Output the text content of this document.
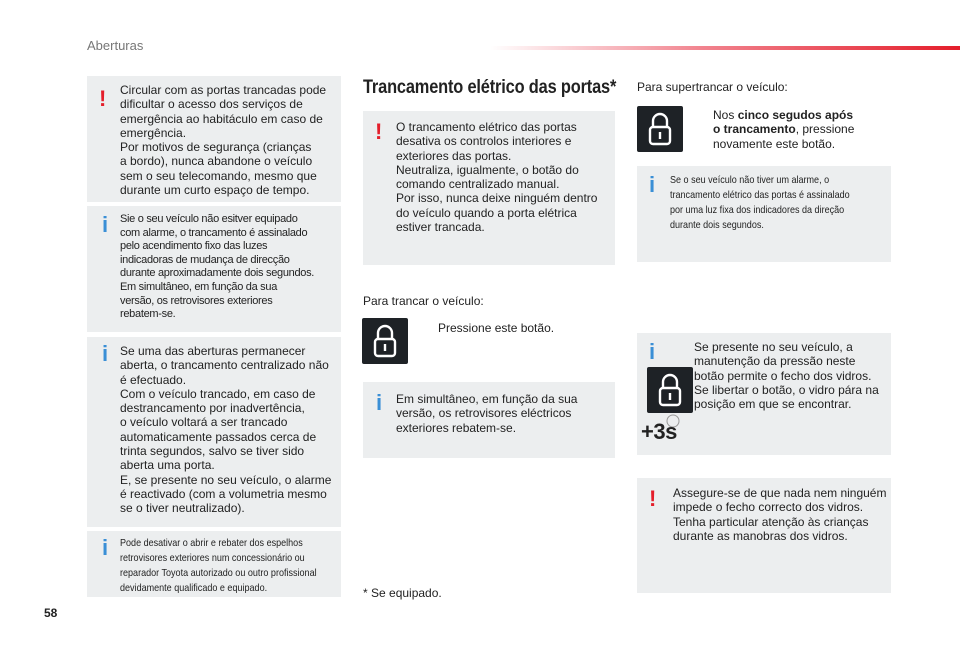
Aberturas
58
! Circular com as portas trancadas pode
dificultar o acesso dos serviços de
emergência ao habitáculo em caso de
emergência.
Por motivos de segurança (crianças
a bordo), nunca abandone o veículo
sem o seu telecomando, mesmo que
durante um curto espaço de tempo.
i Sie o seu veículo não esitver equipado
com alarme, o trancamento é assinalado
pelo acendimento fixo das luzes
indicadoras de mudança de direcção
durante aproximadamente dois segundos.
Em simultâneo, em função da sua
versão, os retrovisores exteriores
rebatem-se.
i Se uma das aberturas permanecer
aberta, o trancamento centralizado não
é efectuado.
Com o veículo trancado, em caso de
destrancamento por inadvertência,
o veículo voltará a ser trancado
automaticamente passados cerca de
trinta segundos, salvo se tiver sido
aberta uma porta.
E, se presente no seu veículo, o alarme
é reactivado (com a volumetria mesmo
se o tiver neutralizado).
i Pode desativar o abrir e rebater dos espelhos
retrovisores exteriores num concessionário ou
reparador Toyota autorizado ou outro profissional
devidamente qualificado e equipado.
Trancamento elétrico das portas*
! O trancamento elétrico das portas
desativa os controlos interiores e
exteriores das portas.
Neutraliza, igualmente, o botão do
comando centralizado manual.
Por isso, nunca deixe ninguém dentro
do veículo quando a porta elétrica
estiver trancada.
Para trancar o veículo:
Pressione este botão.
i Em simultâneo, em função da sua
versão, os retrovisores eléctricos
exteriores rebatem-se.
* Se equipado.
Para supertrancar o veículo:
Nos cinco segudos após
o trancamento, pressione
novamente este botão.
i Se o seu veículo não tiver um alarme, o
trancamento elétrico das portas é assinalado
por uma luz fixa dos indicadores da direção
durante dois segundos.
i
+3s
Se presente no seu veículo, a
manutenção da pressão neste
botão permite o fecho dos vidros.
Se libertar o botão, o vidro pára na
posição em que se encontrar.
! Assegure-se de que nada nem ninguém
impede o fecho correcto dos vidros.
Tenha particular atenção às crianças
durante as manobras dos vidros.
